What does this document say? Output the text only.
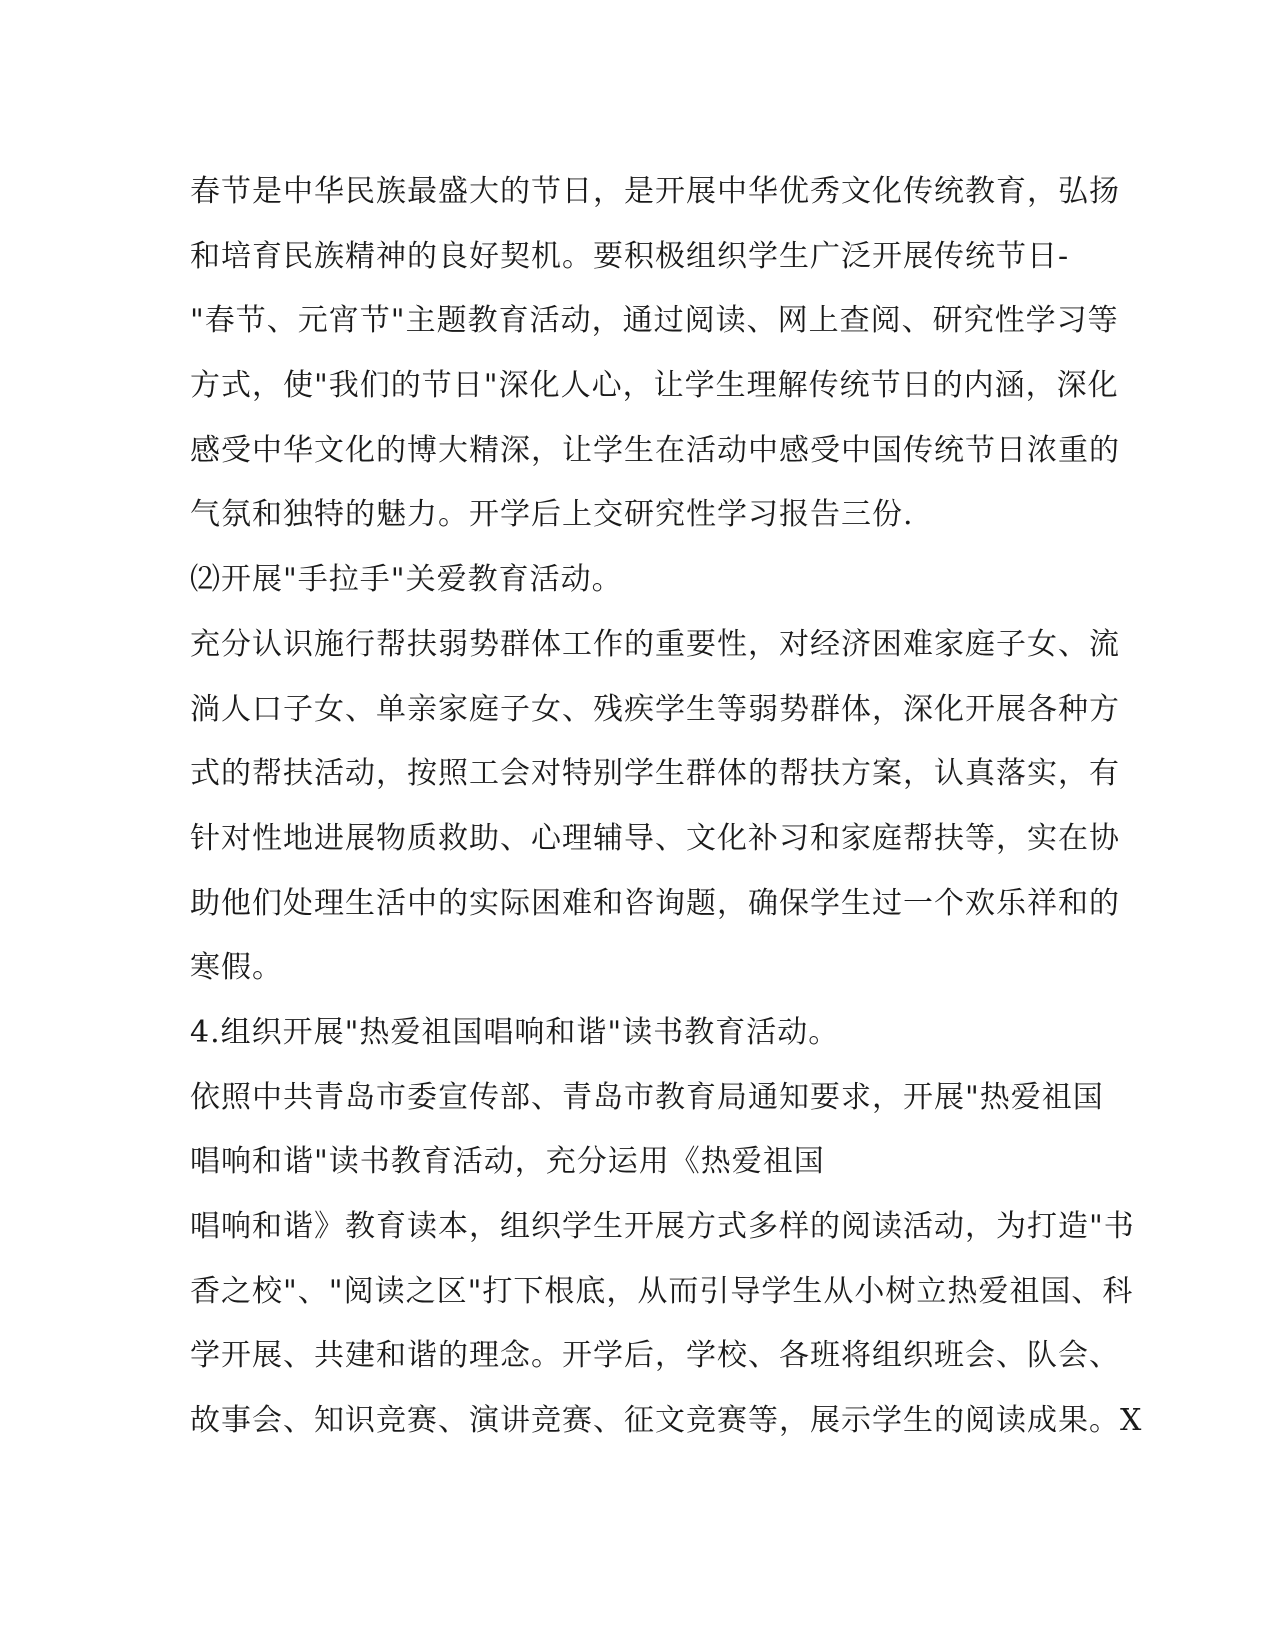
春节是中华民族最盛大的节日，是开展中华优秀文化传统教育，弘扬
和培育民族精神的良好契机。要积极组织学生广泛开展传统节日-
"春节、元宵节"主题教育活动，通过阅读、网上查阅、研究性学习等
方式，使"我们的节日"深化人心，让学生理解传统节日的内涵，深化
感受中华文化的博大精深，让学生在活动中感受中国传统节日浓重的
气氛和独特的魅力。开学后上交研究性学习报告三份.
⑵开展"手拉手"关爱教育活动。
充分认识施行帮扶弱势群体工作的重要性，对经济困难家庭子女、流
淌人口子女、单亲家庭子女、残疾学生等弱势群体，深化开展各种方
式的帮扶活动，按照工会对特别学生群体的帮扶方案，认真落实，有
针对性地进展物质救助、心理辅导、文化补习和家庭帮扶等，实在协
助他们处理生活中的实际困难和咨询题，确保学生过一个欢乐祥和的
寒假。
4.组织开展"热爱祖国唱响和谐"读书教育活动。
依照中共青岛市委宣传部、青岛市教育局通知要求，开展"热爱祖国
唱响和谐"读书教育活动，充分运用《热爱祖国
唱响和谐》教育读本，组织学生开展方式多样的阅读活动，为打造"书
香之校"、"阅读之区"打下根底，从而引导学生从小树立热爱祖国、科
学开展、共建和谐的理念。开学后，学校、各班将组织班会、队会、
故事会、知识竞赛、演讲竞赛、征文竞赛等，展示学生的阅读成果。X
